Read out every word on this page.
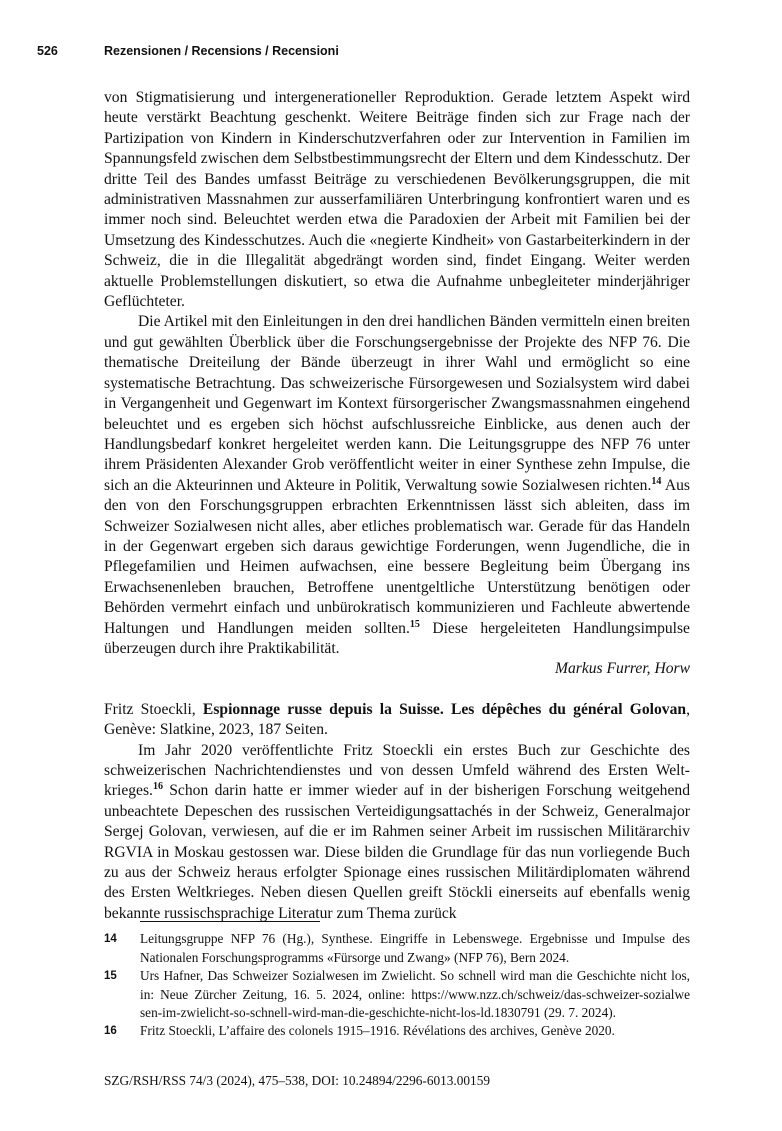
526	Rezensionen / Recensions / Recensioni

von Stigmatisierung und intergenerationeller Reproduktion. Gerade letztem Aspekt wird heute verstärkt Beachtung geschenkt. Weitere Beiträge finden sich zur Frage nach der Partizipation von Kindern in Kinderschutzverfahren oder zur Intervention in Familien im Spannungsfeld zwischen dem Selbstbestimmungsrecht der Eltern und dem Kindesschutz. Der dritte Teil des Bandes umfasst Beiträge zu verschiedenen Bevölkerungsgruppen, die mit administrativen Massnahmen zur ausserfamiliären Unterbringung konfrontiert waren und es immer noch sind. Beleuchtet werden etwa die Paradoxien der Arbeit mit Familien bei der Umsetzung des Kindesschutzes. Auch die «negierte Kindheit» von Gastarbeiterkindern in der Schweiz, die in die Illegalität abgedrängt worden sind, findet Eingang. Weiter werden aktuelle Problemstellungen diskutiert, so etwa die Aufnahme unbegleiteter minderjähriger Geflüchteter.

Die Artikel mit den Einleitungen in den drei handlichen Bänden vermitteln einen breiten und gut gewählten Überblick über die Forschungsergebnisse der Projekte des NFP 76. Die thematische Dreiteilung der Bände überzeugt in ihrer Wahl und ermöglicht so eine systematische Betrachtung. Das schweizerische Fürsorgewesen und Sozialsystem wird dabei in Vergangenheit und Gegenwart im Kontext fürsorgerischer Zwangsmassnahmen eingehend beleuchtet und es ergeben sich höchst aufschlussreiche Einblicke, aus denen auch der Handlungsbedarf konkret hergeleitet werden kann. Die Leitungsgruppe des NFP 76 unter ihrem Präsidenten Alexander Grob veröffentlicht weiter in einer Synthese zehn Impulse, die sich an die Akteurinnen und Akteure in Politik, Verwaltung sowie Sozialwesen richten.$^{14}$ Aus den von den Forschungsgruppen erbrachten Erkenntnissen lässt sich ableiten, dass im Schweizer Sozialwesen nicht alles, aber etliches problematisch war. Gerade für das Handeln in der Gegenwart ergeben sich daraus gewichtige Forderungen, wenn Jugendliche, die in Pflegefamilien und Heimen aufwachsen, eine bessere Begleitung beim Übergang ins Erwachsenenleben brauchen, Betroffene unentgeltliche Unterstützung benötigen oder Behörden vermehrt einfach und unbürokratisch kommunizieren und Fachleute abwertende Haltungen und Handlungen meiden sollten.$^{15}$ Diese hergeleiteten Handlungsimpulse überzeugen durch ihre Praktikabilität.

Markus Furrer, Horw

Fritz Stoeckli, Espionnage russe depuis la Suisse. Les dépêches du général Golovan, Genève: Slatkine, 2023, 187 Seiten.

Im Jahr 2020 veröffentlichte Fritz Stoeckli ein erstes Buch zur Geschichte des schweizerischen Nachrichtendienstes und von dessen Umfeld während des Ersten Weltkrieges.$^{16}$ Schon darin hatte er immer wieder auf in der bisherigen Forschung weitgehend unbeachtete Depeschen des russischen Verteidigungsattachés in der Schweiz, Generalmajor Sergej Golovan, verwiesen, auf die er im Rahmen seiner Arbeit im russischen Militärarchiv RGVIA in Moskau gestossen war. Diese bilden die Grundlage für das nun vorliegende Buch zu aus der Schweiz heraus erfolgter Spionage eines russischen Militärdiplomaten während des Ersten Weltkrieges. Neben diesen Quellen greift Stöckli einerseits auf ebenfalls wenig bekannte russischsprachige Literatur zum Thema zurück

14 Leitungsgruppe NFP 76 (Hg.), Synthese. Eingriffe in Lebenswege. Ergebnisse und Impulse des Nationalen Forschungsprogramms «Fürsorge und Zwang» (NFP 76), Bern 2024.
15 Urs Hafner, Das Schweizer Sozialwesen im Zwielicht. So schnell wird man die Geschichte nicht los, in: Neue Zürcher Zeitung, 16. 5. 2024, online: https://www.nzz.ch/schweiz/das-schweizer-sozialwe sen-im-zwielicht-so-schnell-wird-man-die-geschichte-nicht-los-ld.1830791 (29. 7. 2024).
16 Fritz Stoeckli, L’affaire des colonels 1915–1916. Révélations des archives, Genève 2020.
SZG/RSH/RSS 74/3 (2024), 475–538, DOI: 10.24894/2296-6013.00159
